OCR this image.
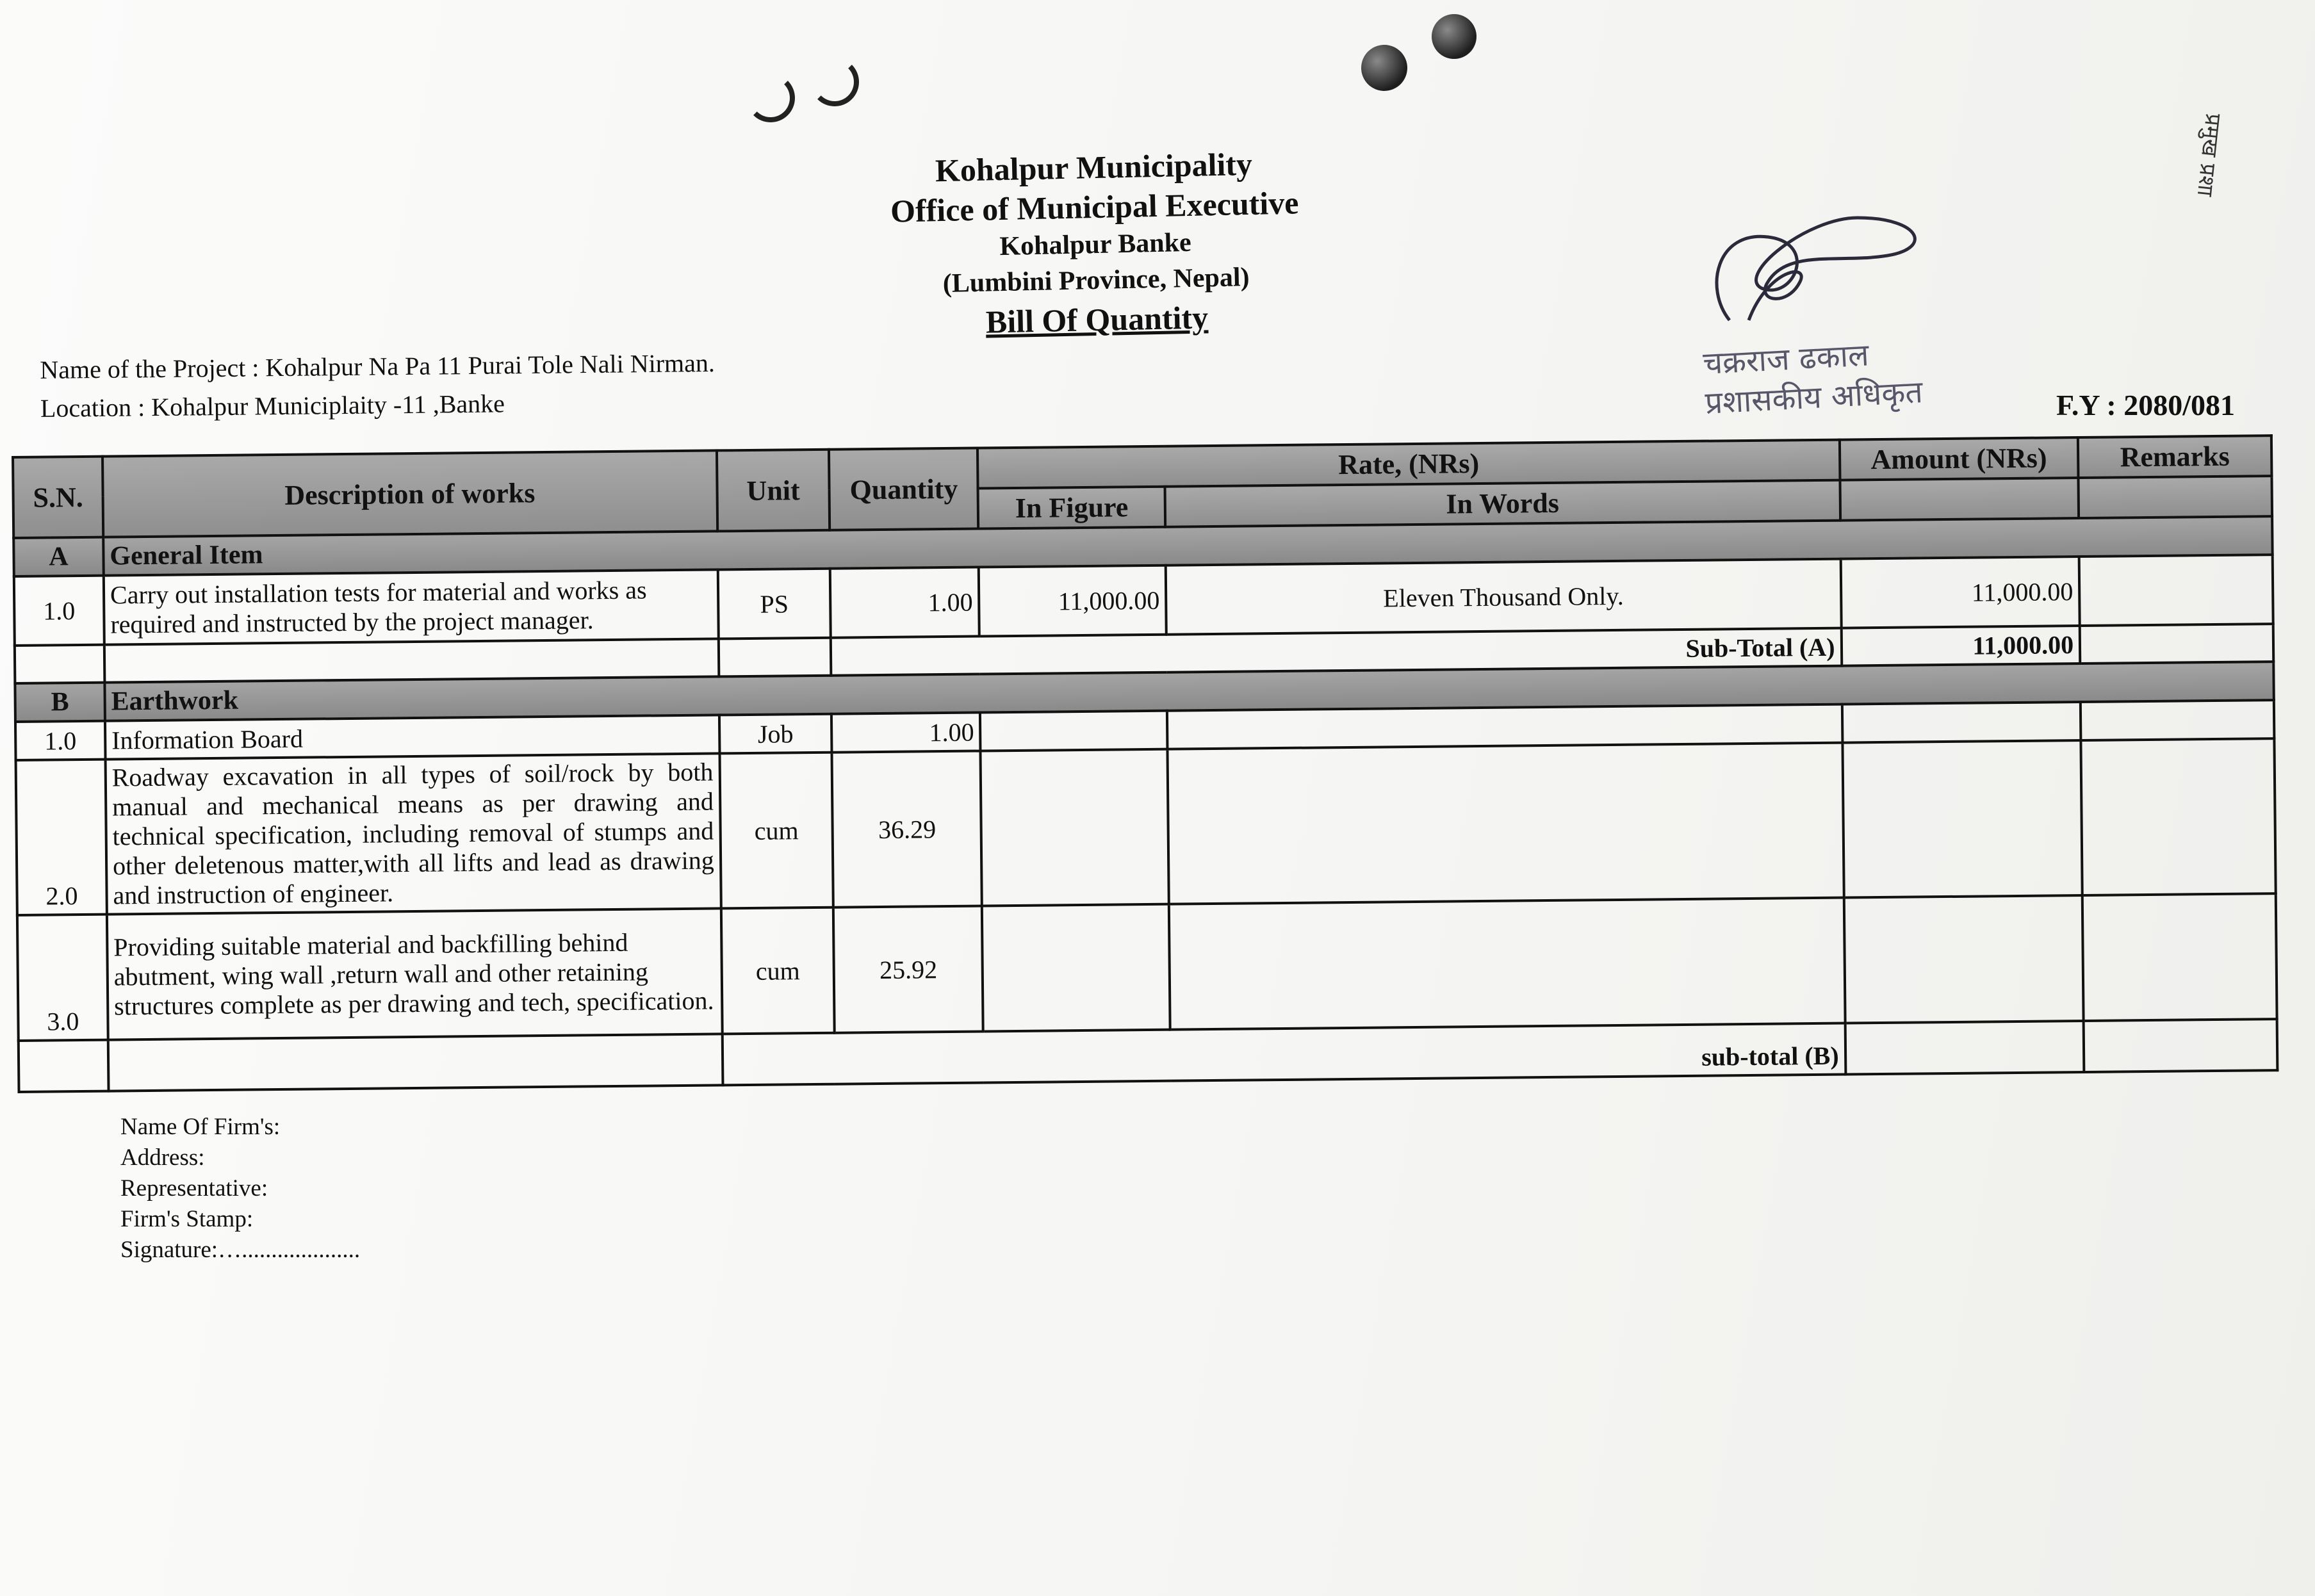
प्रमुख प्रशा
Kohalpur Municipality
Office of Municipal Executive
Kohalpur Banke
(Lumbini Province, Nepal)
Bill Of Quantity
चक्रराज ढकाल
प्रशासकीय अधिकृत
Name of the Project : Kohalpur Na Pa 11 Purai Tole Nali Nirman.
Location : Kohalpur Municiplaity -11 ,Banke	F.Y : 2080/081
S.N.	Description of works	Unit	Quantity	Rate, (NRs)		Amount (NRs)	Remarks
				In Figure	In Words		
A	General Item						
1.0	Carry out installation tests for material and works as required and instructed by the project manager.	PS	1.00	11,000.00	Eleven Thousand Only.	11,000.00	
			Sub-Total (A)			11,000.00	
B	Earthwork						
1.0	Information Board	Job	1.00				
2.0	Roadway excavation in all types of soil/rock by both manual and mechanical means as per drawing and technical specification, including removal of stumps and other deletenous matter,with all lifts and lead as drawing and instruction of engineer.	cum	36.29				
3.0	Providing suitable material and backfilling behind abutment, wing wall ,return wall and other retaining structures complete as per drawing and tech, specification.	cum	25.92				
		sub-total (B)					
Name Of Firm's:
Address:
Representative:
Firm's Stamp:
Signature:…....................
